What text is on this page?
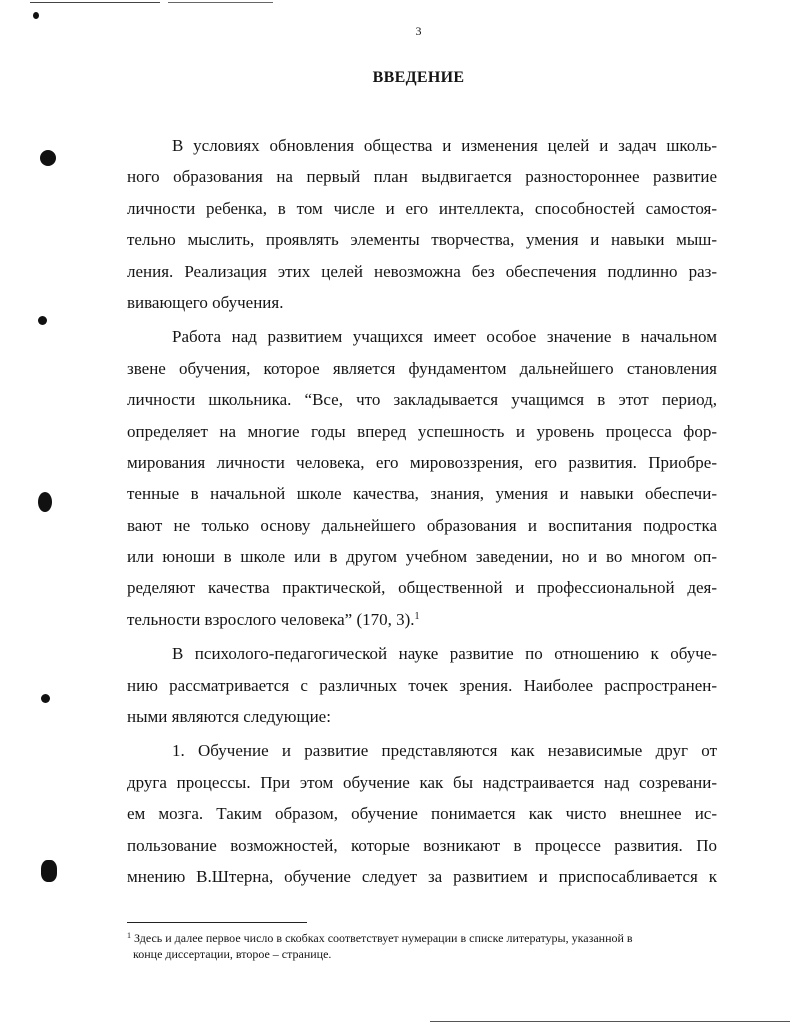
3
ВВЕДЕНИЕ
В условиях обновления общества и изменения целей и задач школь-
ного образования на первый план выдвигается разностороннее развитие
личности ребенка, в том числе и его интеллекта, способностей самостоя-
тельно мыслить, проявлять элементы творчества, умения и навыки мыш-
ления. Реализация этих целей невозможна без обеспечения подлинно раз-
вивающего обучения.
Работа над развитием учащихся имеет особое значение в начальном
звене обучения, которое является фундаментом дальнейшего становления
личности школьника. “Все, что закладывается учащимся в этот период,
определяет на многие годы вперед успешность и уровень процесса фор-
мирования личности человека, его мировоззрения, его развития. Приобре-
тенные в начальной школе качества, знания, умения и навыки обеспечи-
вают не только основу дальнейшего образования и воспитания подростка
или юноши в школе или в другом учебном заведении, но и во многом оп-
ределяют качества практической, общественной и профессиональной дея-
тельности взрослого человека” (170, 3).$^1$
В психолого-педагогической науке развитие по отношению к обуче-
нию рассматривается с различных точек зрения. Наиболее распространен-
ными являются следующие:
1. Обучение и развитие представляются как независимые друг от
друга процессы. При этом обучение как бы надстраивается над созревани-
ем мозга. Таким образом, обучение понимается как чисто внешнее ис-
пользование возможностей, которые возникают в процессе развития. По
мнению В.Штерна, обучение следует за развитием и приспосабливается к
$^1$ Здесь и далее первое число в скобках соответствует нумерации в списке литературы, указанной в
конце диссертации, второе – странице.
